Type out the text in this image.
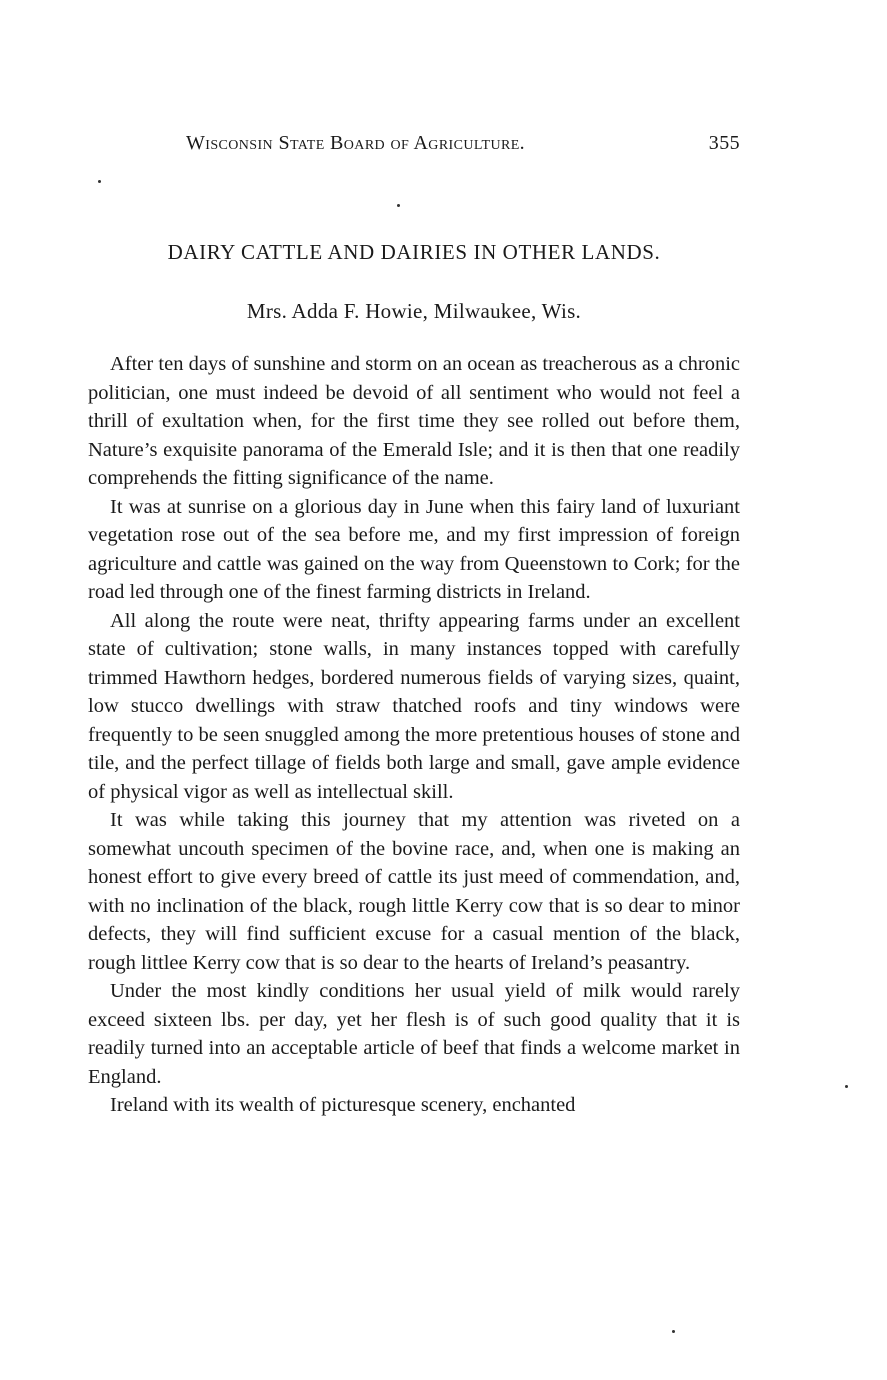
Wisconsin State Board of Agriculture.	355
DAIRY CATTLE AND DAIRIES IN OTHER LANDS.
Mrs. Adda F. Howie, Milwaukee, Wis.

After ten days of sunshine and storm on an ocean as treacherous as a chronic politician, one must indeed be devoid of all sentiment who would not feel a thrill of exultation when, for the first time they see rolled out before them, Nature’s exquisite panorama of the Emerald Isle; and it is then that one readily comprehends the fitting significance of the name.

It was at sunrise on a glorious day in June when this fairy land of luxuriant vegetation rose out of the sea before me, and my first impression of foreign agriculture and cattle was gained on the way from Queenstown to Cork; for the road led through one of the finest farming districts in Ireland.

All along the route were neat, thrifty appearing farms under an excellent state of cultivation; stone walls, in many instances topped with carefully trimmed Hawthorn hedges, bordered numerous fields of varying sizes, quaint, low stucco dwellings with straw thatched roofs and tiny windows were frequently to be seen snuggled among the more pretentious houses of stone and tile, and the perfect tillage of fields both large and small, gave ample evidence of physical vigor as well as intellectual skill.

It was while taking this journey that my attention was riveted on a somewhat uncouth specimen of the bovine race, and, when one is making an honest effort to give every breed of cattle its just meed of commendation, and, with no inclination of the black, rough little Kerry cow that is so dear to minor defects, they will find sufficient excuse for a casual mention of the black, rough littlee Kerry cow that is so dear to the hearts of Ireland’s peasantry.

Under the most kindly conditions her usual yield of milk would rarely exceed sixteen lbs. per day, yet her flesh is of such good quality that it is readily turned into an acceptable article of beef that finds a welcome market in England.

Ireland with its wealth of picturesque scenery, enchanted
